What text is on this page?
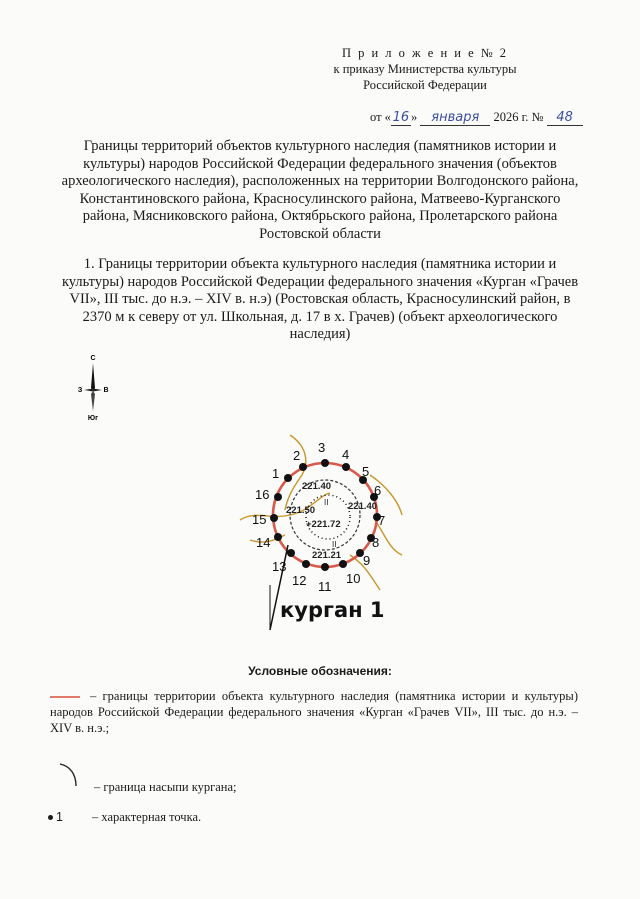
П р и л о ж е н и е № 2
к приказу Министерства культуры
Российской Федерации
от « 16 » января 2026 г. № 48
Границы территорий объектов культурного наследия (памятников истории и культуры) народов Российской Федерации федерального значения (объектов археологического наследия), расположенных на территории Волгодонского района, Константиновского района, Красносулинского района, Матвеево-Курганского района, Мясниковского района, Октябрьского района, Пролетарского района Ростовской области
1. Границы территории объекта культурного наследия (памятника истории и культуры) народов Российской Федерации федерального значения «Курган «Грачев VII», III тыс. до н.э. – XIV в. н.э) (Ростовская область, Красносулинский район, в 2370 м к северу от ул. Школьная, д. 17 в х. Грачев) (объект археологического наследия)
С
З	В
Юг
1
2
3 4
5
6
7
8
9
10
11
12
13
14
15
16
221.40
221.50	221.40
+221.72
221.21
II
II
курган 1
Условные обозначения:
– границы территории объекта культурного наследия (памятника истории и культуры) народов Российской Федерации федерального значения «Курган «Грачев VII», III тыс. до н.э. – XIV в. н.э.;
– граница насыпи кургана;
1 – характерная точка.
